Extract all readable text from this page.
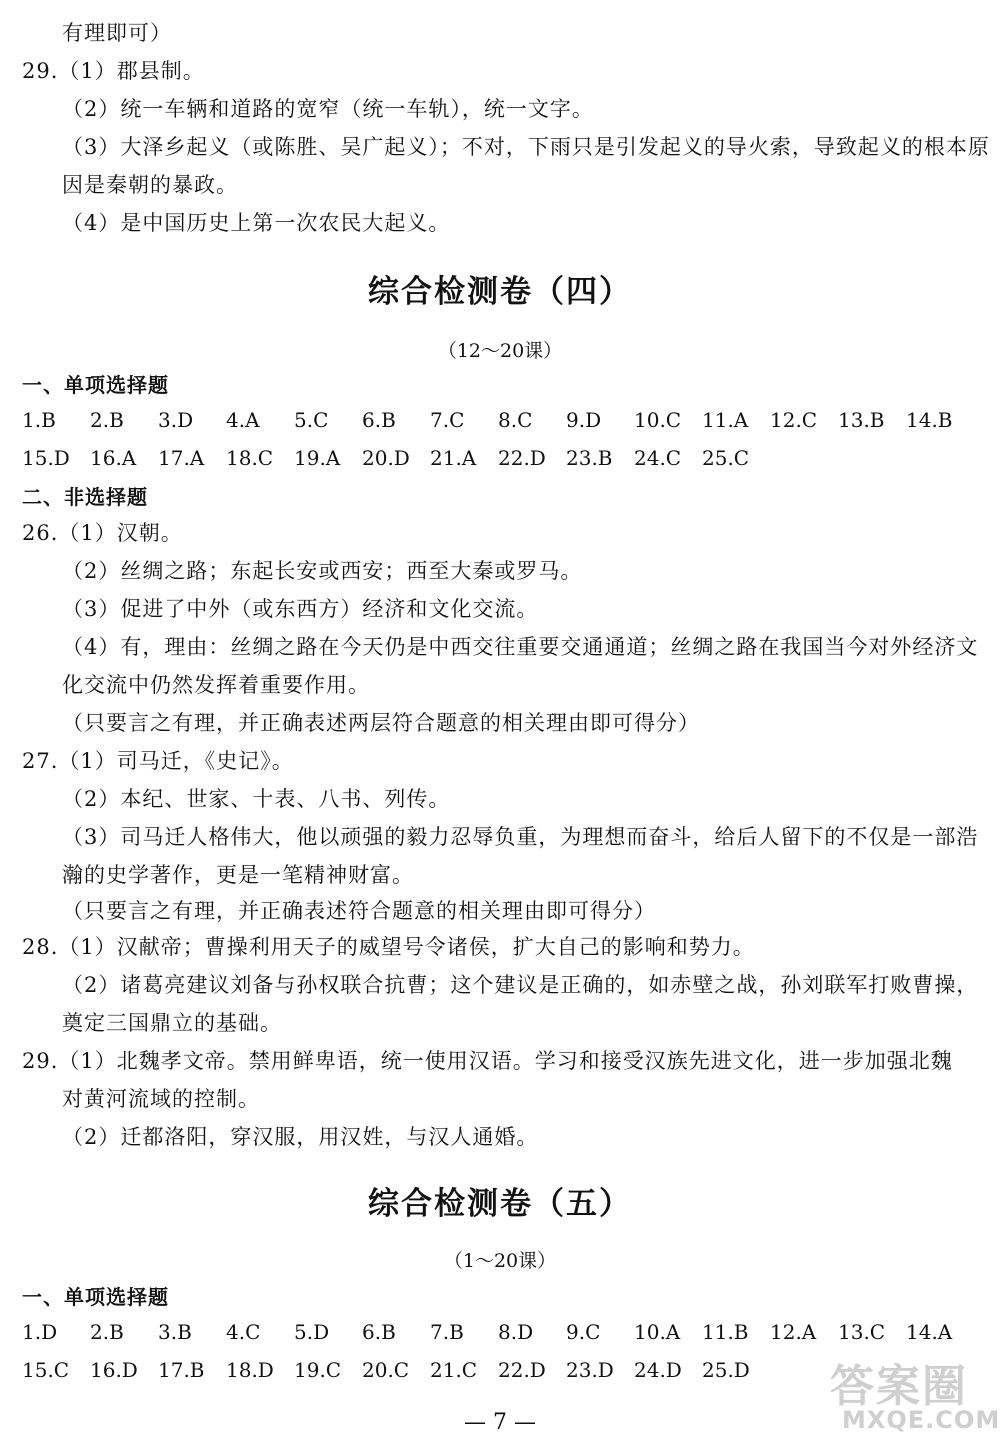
有理即可）
29.（1）郡县制。
（2）统一车辆和道路的宽窄（统一车轨），统一文字。
（3）大泽乡起义（或陈胜、吴广起义）；不对，下雨只是引发起义的导火索，导致起义的根本原
因是秦朝的暴政。
（4）是中国历史上第一次农民大起义。
综合检测卷（四）
（12～20课）
一、单项选择题
1.B	2.B	3.D	4.A	5.C	6.B	7.C	8.C	9.D	10.C	11.A	12.C	13.B	14.B
15.D	16.A	17.A	18.C	19.A	20.D	21.A	22.D	23.B	24.C	25.C
二、非选择题
26.（1）汉朝。
（2）丝绸之路；东起长安或西安；西至大秦或罗马。
（3）促进了中外（或东西方）经济和文化交流。
（4）有，理由：丝绸之路在今天仍是中西交往重要交通通道；丝绸之路在我国当今对外经济文
化交流中仍然发挥着重要作用。
（只要言之有理，并正确表述两层符合题意的相关理由即可得分）
27.（1）司马迁，《史记》。
（2）本纪、世家、十表、八书、列传。
（3）司马迁人格伟大，他以顽强的毅力忍辱负重，为理想而奋斗，给后人留下的不仅是一部浩
瀚的史学著作，更是一笔精神财富。
（只要言之有理，并正确表述符合题意的相关理由即可得分）
28.（1）汉献帝；曹操利用天子的威望号令诸侯，扩大自己的影响和势力。
（2）诸葛亮建议刘备与孙权联合抗曹；这个建议是正确的，如赤壁之战，孙刘联军打败曹操，
奠定三国鼎立的基础。
29.（1）北魏孝文帝。禁用鲜卑语，统一使用汉语。学习和接受汉族先进文化，进一步加强北魏
对黄河流域的控制。
（2）迁都洛阳，穿汉服，用汉姓，与汉人通婚。
综合检测卷（五）
（1～20课）
一、单项选择题
1.D	2.B	3.B	4.C	5.D	6.B	7.B	8.D	9.C	10.A	11.B	12.A	13.C	14.A
15.C	16.D	17.B	18.D	19.C	20.C	21.C	22.D	23.D	24.D	25.D
— 7 —
答案圈
MXQE.COM
